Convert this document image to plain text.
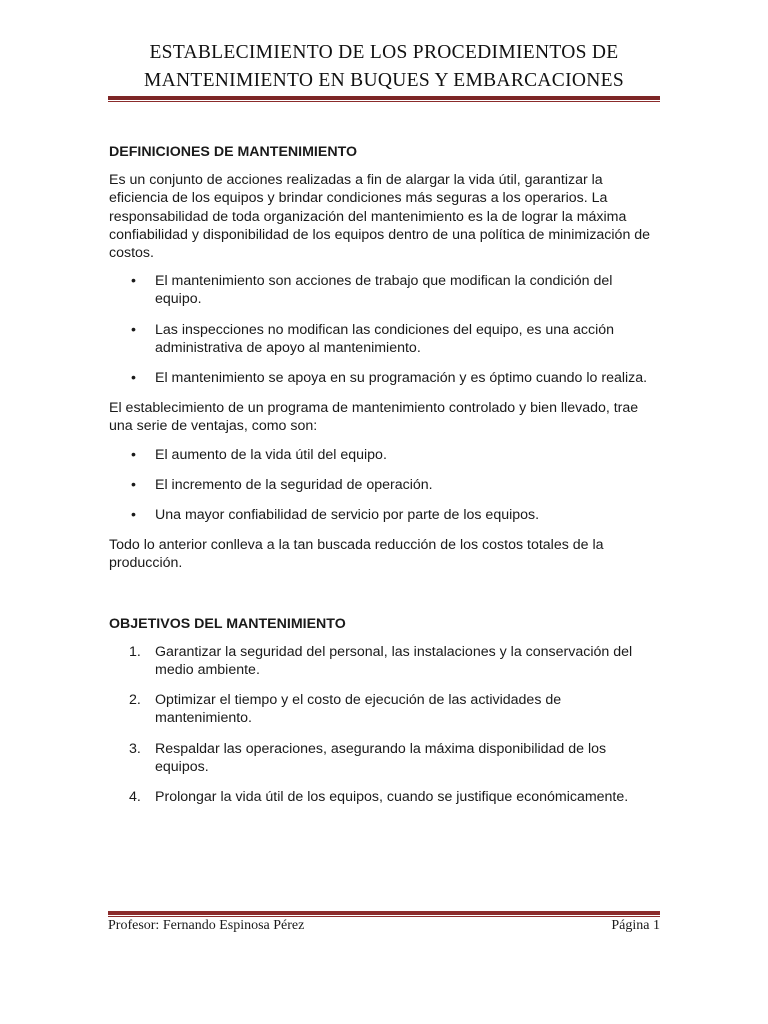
ESTABLECIMIENTO DE LOS PROCEDIMIENTOS DE

MANTENIMIENTO EN BUQUES Y EMBARCACIONES

DEFINICIONES DE MANTENIMIENTO

Es un conjunto de acciones realizadas a fin de alargar la vida útil, garantizar la eficiencia de los equipos y brindar condiciones más seguras a los operarios. La responsabilidad de toda organización del mantenimiento es la de lograr la máxima confiabilidad y disponibilidad de los equipos dentro de una política de minimización de costos.

• El mantenimiento son acciones de trabajo que modifican la condición del equipo.
• Las inspecciones no modifican las condiciones del equipo, es una acción administrativa de apoyo al mantenimiento.
• El mantenimiento se apoya en su programación y es óptimo cuando lo realiza.

El establecimiento de un programa de mantenimiento controlado y bien llevado, trae una serie de ventajas, como son:

• El aumento de la vida útil del equipo.
• El incremento de la seguridad de operación.
• Una mayor confiabilidad de servicio por parte de los equipos.

Todo lo anterior conlleva a la tan buscada reducción de los costos totales de la producción.

OBJETIVOS DEL MANTENIMIENTO
1. Garantizar la seguridad del personal, las instalaciones y la conservación del medio ambiente.
2. Optimizar el tiempo y el costo de ejecución de las actividades de mantenimiento.
3. Respaldar las operaciones, asegurando la máxima disponibilidad de los equipos.
4. Prolongar la vida útil de los equipos, cuando se justifique económicamente.
Profesor: Fernando Espinosa Pérez	Página 1
